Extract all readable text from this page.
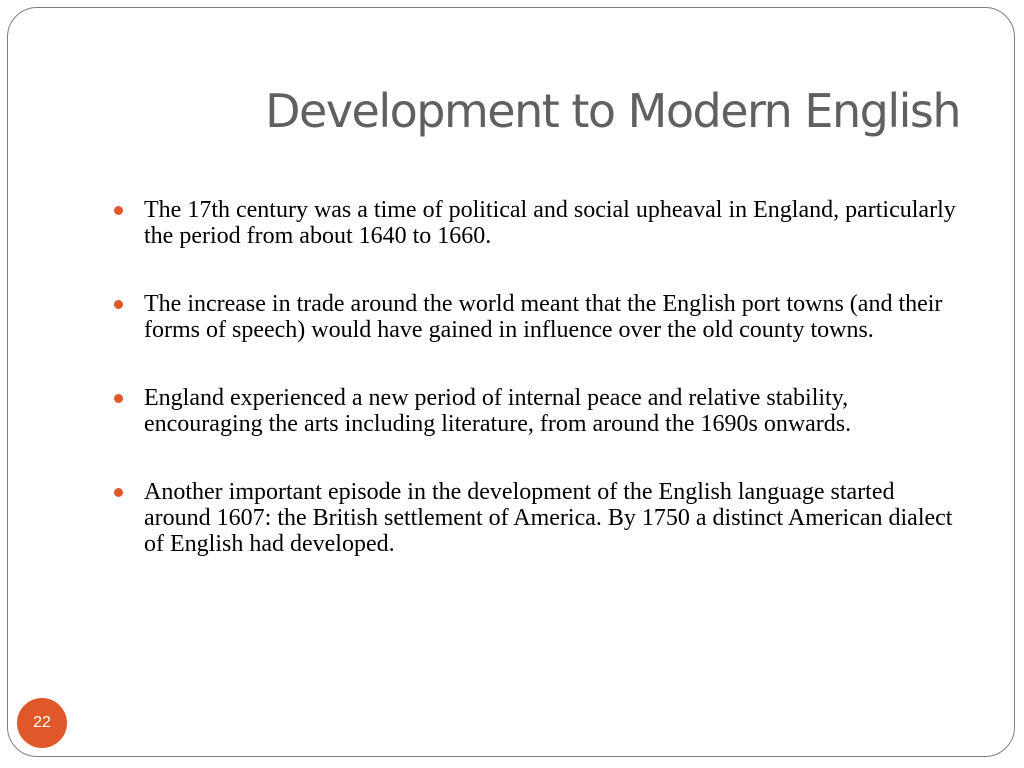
Development to Modern English
The 17th century was a time of political and social upheaval in England, particularly the period from about 1640 to 1660.
The increase in trade around the world meant that the English port towns (and their forms of speech) would have gained in influence over the old county towns.
England experienced a new period of internal peace and relative stability, encouraging the arts including literature, from around the 1690s onwards.
Another important episode in the development of the English language started around 1607: the British settlement of America. By 1750 a distinct American dialect of English had developed.
22
